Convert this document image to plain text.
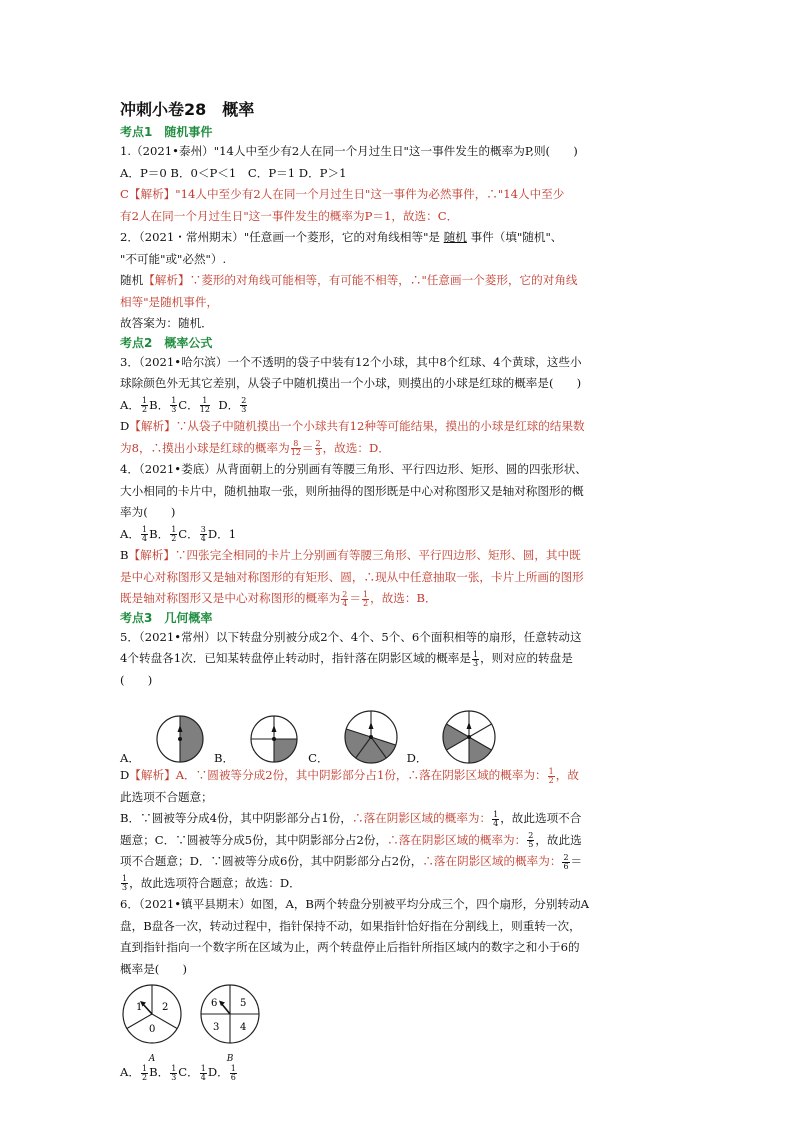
冲刺小卷28　概率
考点1　随机事件

1.（2021•泰州）"14人中至少有2人在同一个月过生日"这一事件发生的概率为P,则(　　)

A．P＝0 B．0＜P＜1　C．P＝1 D．P＞1

C【解析】"14人中至少有2人在同一个月过生日"这一事件为必然事件，∴"14人中至少

有2人在同一个月过生日"这一事件发生的概率为P＝1，故选：C．

2．（2021・常州期末）"任意画一个菱形，它的对角线相等"是 随机 事件（填"随机"、

"不可能"或"必然"）.

随机【解析】∵菱形的对角线可能相等，有可能不相等，∴"任意画一个菱形，它的对角线

相等"是随机事件，

故答案为：随机．

考点2　概率公式

3．（2021•哈尔滨）一个不透明的袋子中装有12个小球，其中8个红球、4个黄球，这些小

球除颜色外无其它差别，从袋子中随机摸出一个小球，则摸出的小球是红球的概率是(　　)

A． $\frac{1}{2}$ B． $\frac{1}{3}$ C． $\frac{1}{12}$ D． $\frac{2}{3}$

D【解析】∵从袋子中随机摸出一个小球共有12种等可能结果，摸出的小球是红球的结果数

为8，∴摸出小球是红球的概率为 $\frac{8}{12} = \frac{2}{3}$ ，故选：D．

4．（2021•娄底）从背面朝上的分别画有等腰三角形、平行四边形、矩形、圆的四张形状、

大小相同的卡片中，随机抽取一张，则所抽得的图形既是中心对称图形又是轴对称图形的概

率为(　　)

A． $\frac{1}{4}$ B． $\frac{1}{2}$ C． $\frac{3}{4}$ D．1

B【解析】∵四张完全相同的卡片上分别画有等腰三角形、平行四边形、矩形、圆，其中既

是中心对称图形又是轴对称图形的有矩形、圆，∴现从中任意抽取一张，卡片上所画的图形

既是轴对称图形又是中心对称图形的概率为 $\frac{2}{4} = \frac{1}{2}$ ，故选：B．

考点3　几何概率

5．（2021•常州）以下转盘分别被分成2个、4个、5个、6个面积相等的扇形，任意转动这

4个转盘各1次．已知某转盘停止转动时，指针落在阴影区域的概率是 $\frac{1}{3}$ ，则对应的转盘是

(　　)

A．	B．	C．	D．

D【解析】A．∵圆被等分成2份，其中阴影部分占1份，∴落在阴影区域的概率为： $\frac{1}{2}$ ，故

此选项不合题意；

B．∵圆被等分成4份，其中阴影部分占1份，∴落在阴影区域的概率为： $\frac{1}{4}$ ，故此选项不合

题意；C．∵圆被等分成5份，其中阴影部分占2份，∴落在阴影区域的概率为： $\frac{2}{5}$ ，故此选

项不合题意；D．∵圆被等分成6份，其中阴影部分占2份，∴落在阴影区域的概率为： $\frac{2}{6}$ ＝

$\frac{1}{3}$ ，故此选项符合题意；故选：D．

6．（2021•镇平县期末）如图，A，B两个转盘分别被平均分成三个，四个扇形，分别转动A

盘，B盘各一次，转动过程中，指针保持不动，如果指针恰好指在分割线上，则重转一次，

直到指针指向一个数字所在区域为止，两个转盘停止后指针所指区域内的数字之和小于6的

概率是(　　)

1 2
0
A
6 5
3 4
B

A． $\frac{1}{2}$ B． $\frac{1}{3}$ C． $\frac{1}{4}$ D． $\frac{1}{6}$
